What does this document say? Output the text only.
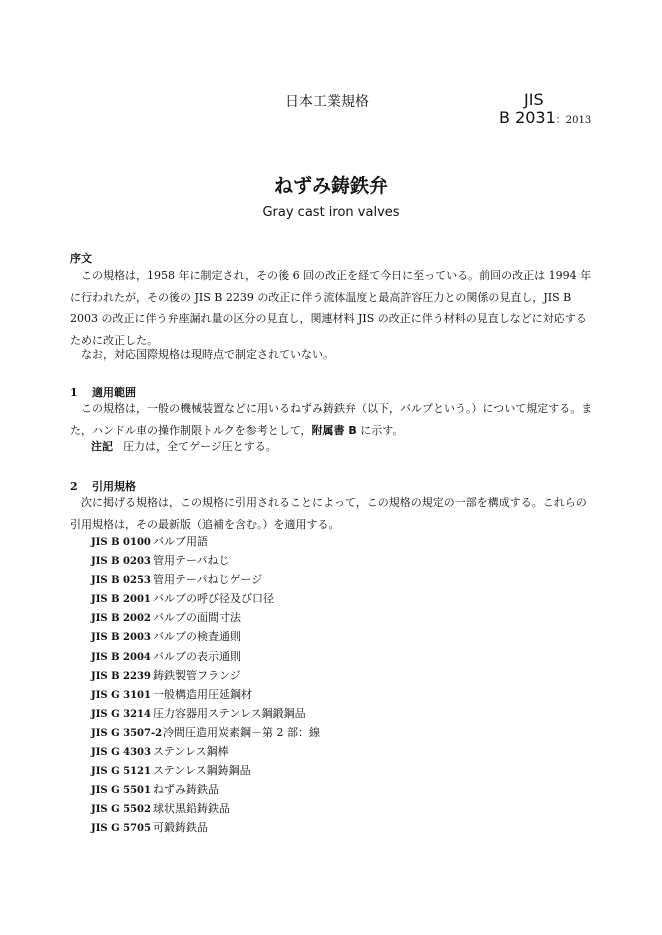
日本工業規格	JIS
B 2031：2013
ねずみ鋳鉄弁
Gray cast iron valves
序文
この規格は，1958 年に制定され，その後 6 回の改正を経て今日に至っている。前回の改正は 1994 年に行われたが，その後の JIS B 2239 の改正に伴う流体温度と最高許容圧力との関係の見直し，JIS B 2003 の改正に伴う弁座漏れ量の区分の見直し，関連材料 JIS の改正に伴う材料の見直しなどに対応するために改正した。
なお，対応国際規格は現時点で制定されていない。
1 適用範囲
この規格は，一般の機械装置などに用いるねずみ鋳鉄弁（以下，バルブという。）について規定する。また，ハンドル車の操作制限トルクを参考として，附属書 B に示す。
注記 圧力は，全てゲージ圧とする。
2 引用規格
次に掲げる規格は，この規格に引用されることによって，この規格の規定の一部を構成する。これらの引用規格は，その最新版（追補を含む。）を適用する。
JIS B 0100 バルブ用語
JIS B 0203 管用テーパねじ
JIS B 0253 管用テーパねじゲージ
JIS B 2001 バルブの呼び径及び口径
JIS B 2002 バルブの面間寸法
JIS B 2003 バルブの検査通則
JIS B 2004 バルブの表示通則
JIS B 2239 鋳鉄製管フランジ
JIS G 3101 一般構造用圧延鋼材
JIS G 3214 圧力容器用ステンレス鋼鍛鋼品
JIS G 3507-2冷間圧造用炭素鋼－第 2 部：線
JIS G 4303 ステンレス鋼棒
JIS G 5121 ステンレス鋼鋳鋼品
JIS G 5501 ねずみ鋳鉄品
JIS G 5502 球状黒鉛鋳鉄品
JIS G 5705 可鍛鋳鉄品
